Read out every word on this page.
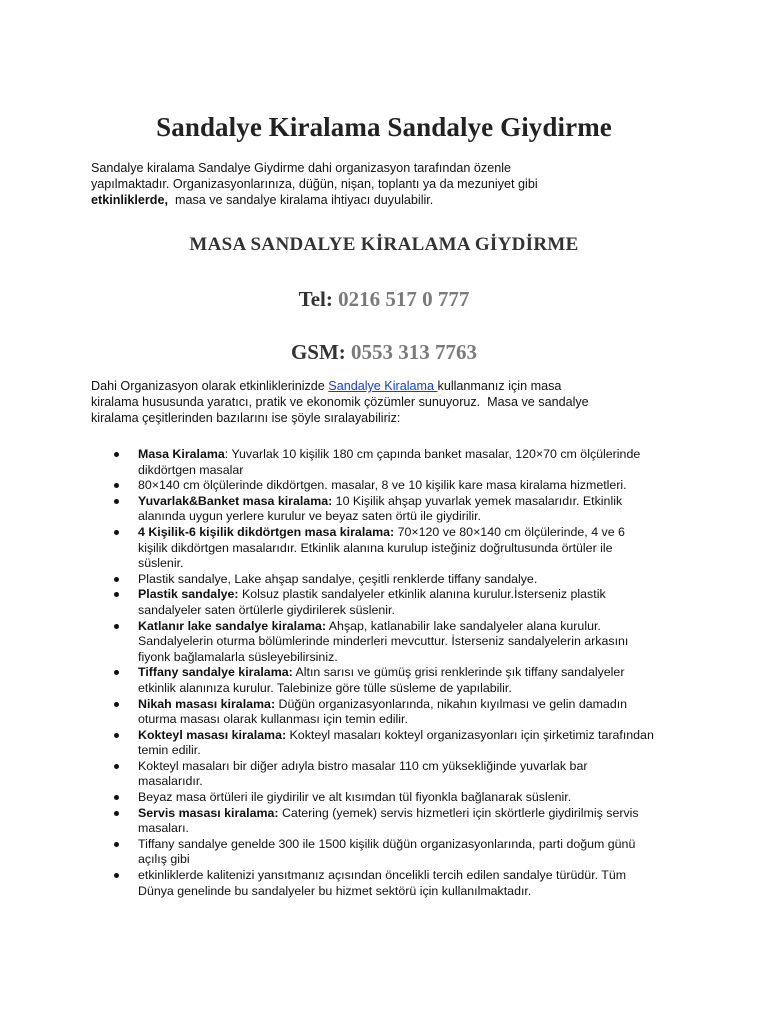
Sandalye Kiralama Sandalye Giydirme
Sandalye kiralama Sandalye Giydirme dahi organizasyon tarafından özenle
yapılmaktadır. Organizasyonlarınıza, düğün, nişan, toplantı ya da mezuniyet gibi
etkinliklerde,  masa ve sandalye kiralama ihtiyacı duyulabilir.
MASA SANDALYE KİRALAMA GİYDİRME
Tel: 0216 517 0 777
GSM: 0553 313 7763
Dahi Organizasyon olarak etkinliklerinizde Sandalye Kiralama kullanmanız için masa
kiralama hususunda yaratıcı, pratik ve ekonomik çözümler sunuyoruz.  Masa ve sandalye
kiralama çeşitlerinden bazılarını ise şöyle sıralayabiliriz:
Masa Kiralama: Yuvarlak 10 kişilik 180 cm çapında banket masalar, 120×70 cm ölçülerinde dikdörtgen masalar
80×140 cm ölçülerinde dikdörtgen. masalar, 8 ve 10 kişilik kare masa kiralama hizmetleri.
Yuvarlak&Banket masa kiralama: 10 Kişilik ahşap yuvarlak yemek masalarıdır. Etkinlik alanında uygun yerlere kurulur ve beyaz saten örtü ile giydirilir.
4 Kişilik-6 kişilik dikdörtgen masa kiralama: 70×120 ve 80×140 cm ölçülerinde, 4 ve 6 kişilik dikdörtgen masalarıdır. Etkinlik alanına kurulup isteğiniz doğrultusunda örtüler ile süslenir.
Plastik sandalye, Lake ahşap sandalye, çeşitli renklerde tiffany sandalye.
Plastik sandalye: Kolsuz plastik sandalyeler etkinlik alanına kurulur.İsterseniz plastik sandalyeler saten örtülerle giydirilerek süslenir.
Katlanır lake sandalye kiralama: Ahşap, katlanabilir lake sandalyeler alana kurulur. Sandalyelerin oturma bölümlerinde minderleri mevcuttur. İsterseniz sandalyelerin arkasını fiyonk bağlamalarla süsleyebilirsiniz.
Tiffany sandalye kiralama: Altın sarısı ve gümüş grisi renklerinde şık tiffany sandalyeler etkinlik alanınıza kurulur. Talebinize göre tülle süsleme de yapılabilir.
Nikah masası kiralama: Düğün organizasyonlarında, nikahın kıyılması ve gelin damadın oturma masası olarak kullanması için temin edilir.
Kokteyl masası kiralama: Kokteyl masaları kokteyl organizasyonları için şirketimiz tarafından temin edilir.
Kokteyl masaları bir diğer adıyla bistro masalar 110 cm yüksekliğinde yuvarlak bar masalarıdır.
Beyaz masa örtüleri ile giydirilir ve alt kısımdan tül fiyonkla bağlanarak süslenir.
Servis masası kiralama: Catering (yemek) servis hizmetleri için skörtlerle giydirilmiş servis masaları.
Tiffany sandalye genelde 300 ile 1500 kişilik düğün organizasyonlarında, parti doğum günü açılış gibi
etkinliklerde kalitenizi yansıtmanız açısından öncelikli tercih edilen sandalye türüdür. Tüm Dünya genelinde bu sandalyeler bu hizmet sektörü için kullanılmaktadır.
